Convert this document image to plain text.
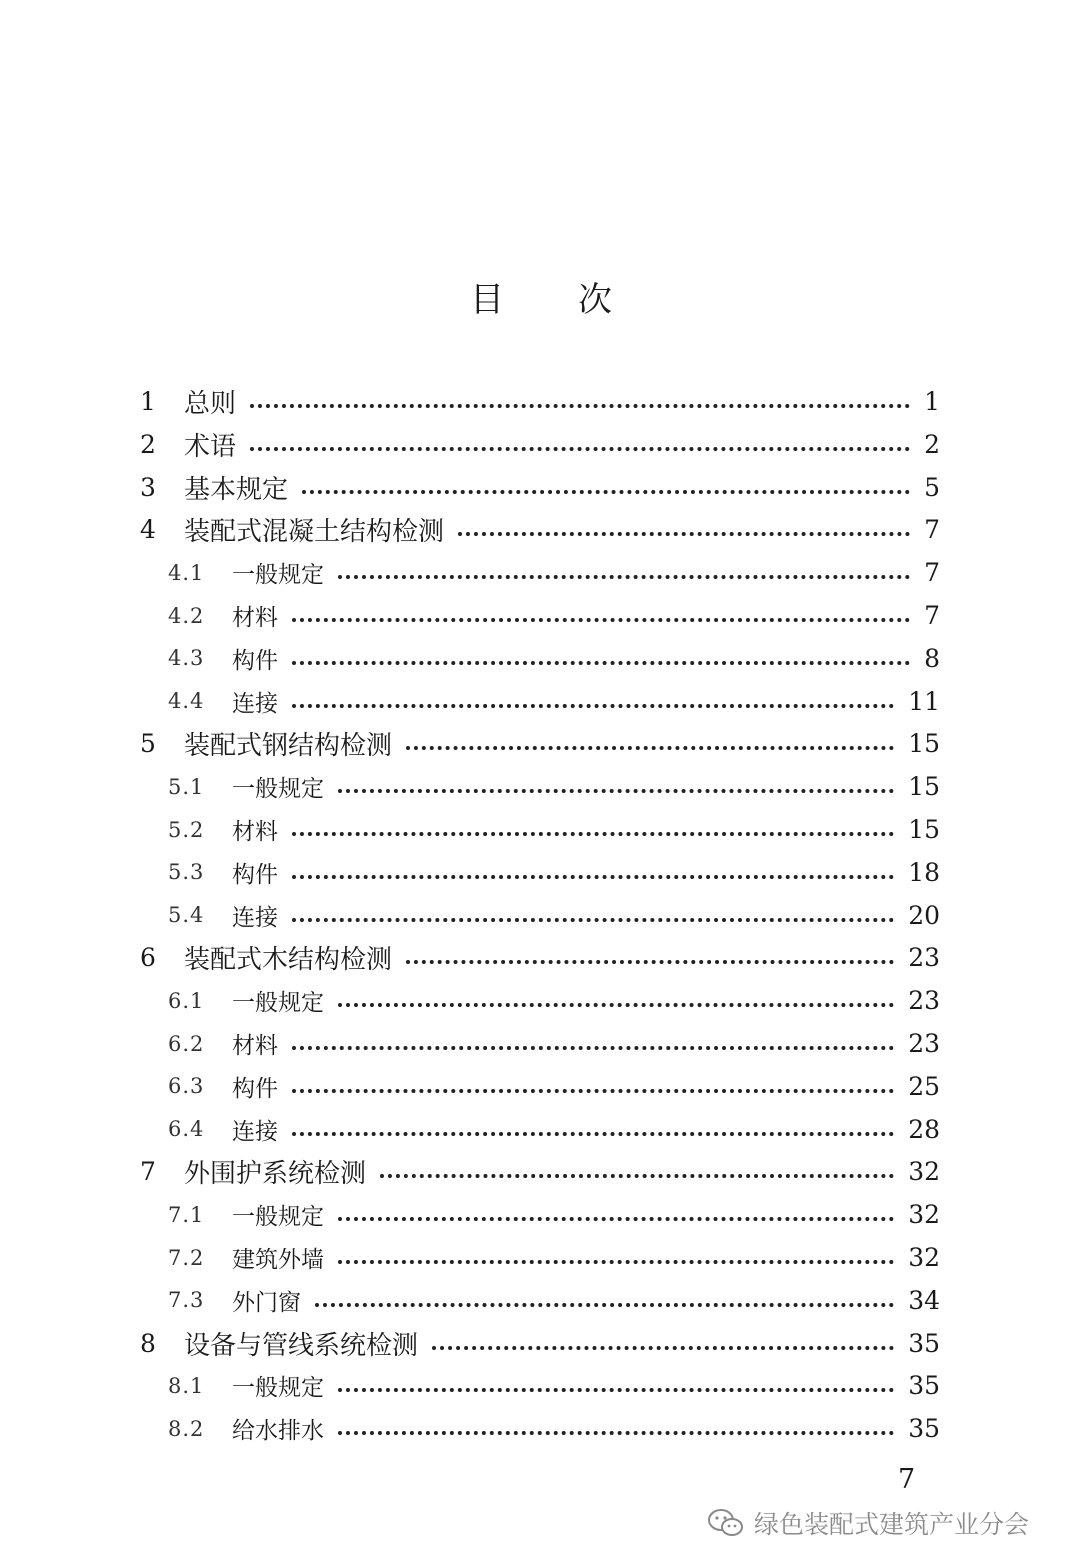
目 次
1 总则	1
2 术语	2
3 基本规定	5
4 装配式混凝土结构检测	7
4.1 一般规定	7
4.2 材料	7
4.3 构件	8
4.4 连接	11
5 装配式钢结构检测	15
5.1 一般规定	15
5.2 材料	15
5.3 构件	18
5.4 连接	20
6 装配式木结构检测	23
6.1 一般规定	23
6.2 材料	23
6.3 构件	25
6.4 连接	28
7 外围护系统检测	32
7.1 一般规定	32
7.2 建筑外墙	32
7.3 外门窗	34
8 设备与管线系统检测	35
8.1 一般规定	35
8.2 给水排水	35
7
绿色装配式建筑产业分会
